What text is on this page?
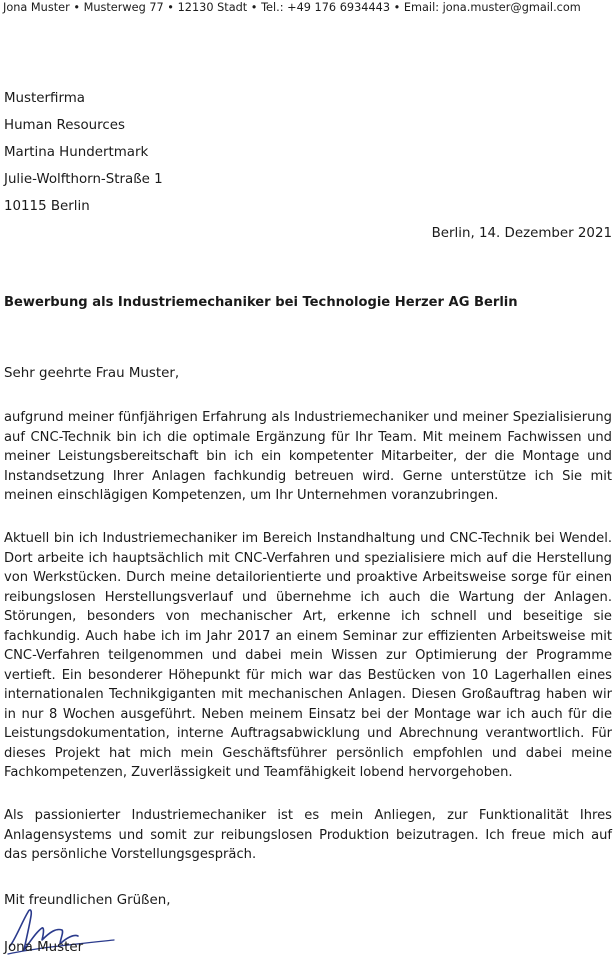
Jona Muster • Musterweg 77 • 12130 Stadt • Tel.: +49 176 6934443 • Email: jona.muster@gmail.com
Musterfirma
Human Resources
Martina Hundertmark
Julie-Wolfthorn-Straße 1
10115 Berlin
Berlin, 14. Dezember 2021
Bewerbung als Industriemechaniker bei Technologie Herzer AG Berlin
Sehr geehrte Frau Muster,

aufgrund meiner fünfjährigen Erfahrung als Industriemechaniker und meiner Spezialisierung auf CNC-Technik bin ich die optimale Ergänzung für Ihr Team. Mit meinem Fachwissen und meiner Leistungsbereitschaft bin ich ein kompetenter Mitarbeiter, der die Montage und Instandsetzung Ihrer Anlagen fachkundig betreuen wird. Gerne unterstütze ich Sie mit meinen einschlägigen Kompetenzen, um Ihr Unternehmen voranzubringen.

Aktuell bin ich Industriemechaniker im Bereich Instandhaltung und CNC-Technik bei Wendel. Dort arbeite ich hauptsächlich mit CNC-Verfahren und spezialisiere mich auf die Herstellung von Werkstücken. Durch meine detailorientierte und proaktive Arbeitsweise sorge für einen reibungslosen Herstellungsverlauf und übernehme ich auch die Wartung der Anlagen. Störungen, besonders von mechanischer Art, erkenne ich schnell und beseitige sie fachkundig. Auch habe ich im Jahr 2017 an einem Seminar zur effizienten Arbeitsweise mit CNC-Verfahren teilgenommen und dabei mein Wissen zur Optimierung der Programme vertieft. Ein besonderer Höhepunkt für mich war das Bestücken von 10 Lagerhallen eines internationalen Technikgiganten mit mechanischen Anlagen. Diesen Großauftrag haben wir in nur 8 Wochen ausgeführt. Neben meinem Einsatz bei der Montage war ich auch für die Leistungsdokumentation, interne Auftragsabwicklung und Abrechnung verantwortlich. Für dieses Projekt hat mich mein Geschäftsführer persönlich empfohlen und dabei meine Fachkompetenzen, Zuverlässigkeit und Teamfähigkeit lobend hervorgehoben.

Als passionierter Industriemechaniker ist es mein Anliegen, zur Funktionalität Ihres Anlagensystems und somit zur reibungslosen Produktion beizutragen. Ich freue mich auf das persönliche Vorstellungsgespräch.

Mit freundlichen Grüßen,
Jona Muster
